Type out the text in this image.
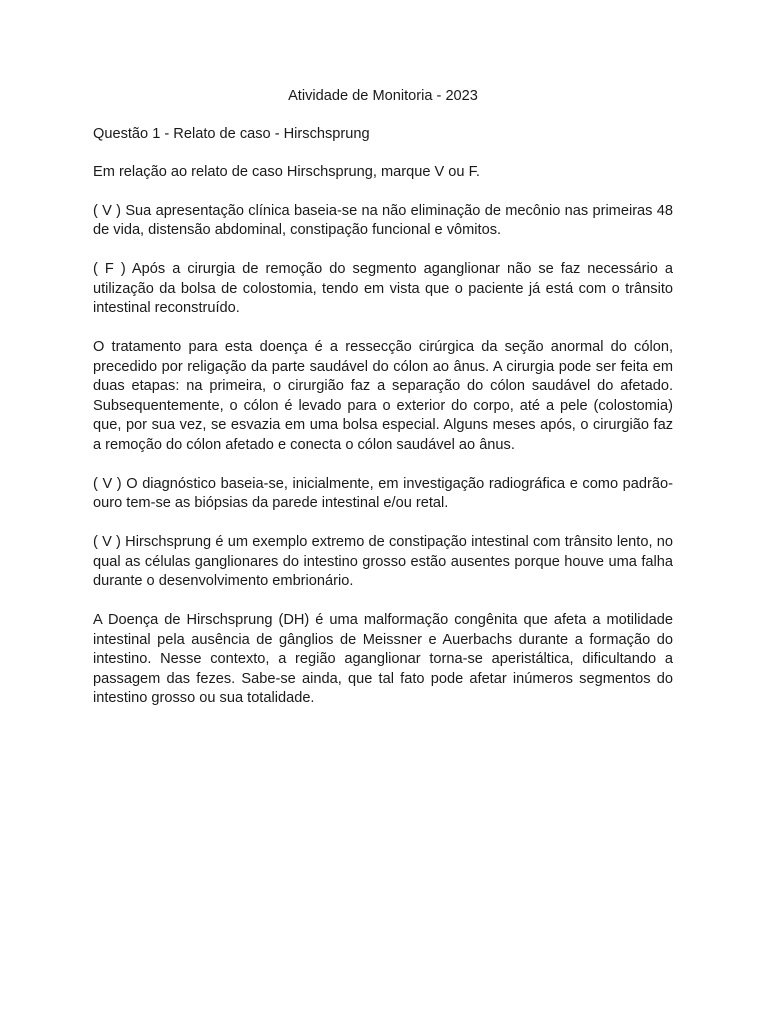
Atividade de Monitoria - 2023
Questão 1 - Relato de caso - Hirschsprung
Em relação ao relato de caso Hirschsprung, marque V ou F.

( V ) Sua apresentação clínica baseia-se na não eliminação de mecônio nas primeiras 48 de vida, distensão abdominal, constipação funcional e vômitos.

( F ) Após a cirurgia de remoção do segmento aganglionar não se faz necessário a utilização da bolsa de colostomia, tendo em vista que o paciente já está com o trânsito intestinal reconstruído.

O tratamento para esta doença é a ressecção cirúrgica da seção anormal do cólon, precedido por religação da parte saudável do cólon ao ânus. A cirurgia pode ser feita em duas etapas: na primeira, o cirurgião faz a separação do cólon saudável do afetado. Subsequentemente, o cólon é levado para o exterior do corpo, até a pele (colostomia) que, por sua vez, se esvazia em uma bolsa especial. Alguns meses após, o cirurgião faz a remoção do cólon afetado e conecta o cólon saudável ao ânus.

( V ) O diagnóstico baseia-se, inicialmente, em investigação radiográfica e como padrão-ouro tem-se as biópsias da parede intestinal e/ou retal.

( V ) Hirschsprung é um exemplo extremo de constipação intestinal com trânsito lento, no qual as células ganglionares do intestino grosso estão ausentes porque houve uma falha durante o desenvolvimento embrionário.

A Doença de Hirschsprung (DH) é uma malformação congênita que afeta a motilidade intestinal pela ausência de gânglios de Meissner e Auerbachs durante a formação do intestino. Nesse contexto, a região aganglionar torna-se aperistáltica, dificultando a passagem das fezes. Sabe-se ainda, que tal fato pode afetar inúmeros segmentos do intestino grosso ou sua totalidade.
